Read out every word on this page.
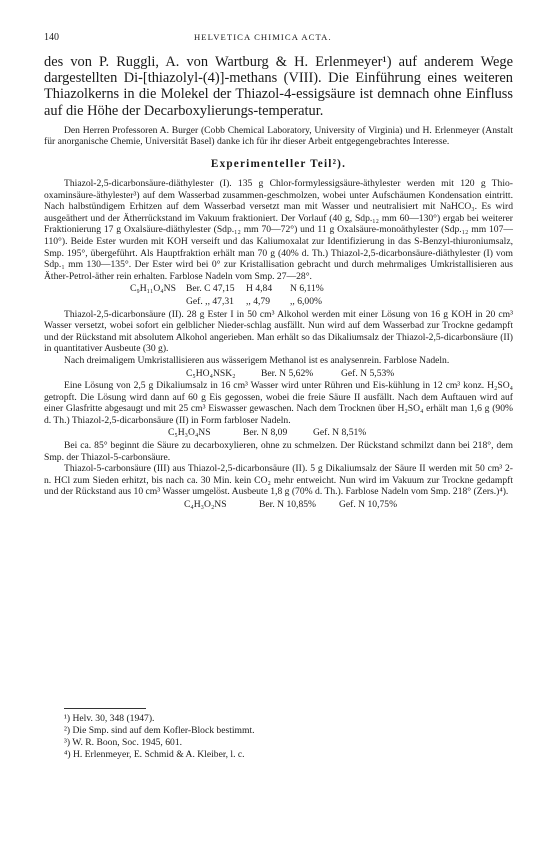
140	HELVETICA CHIMICA ACTA.

des von P. Ruggli, A. von Wartburg & H. Erlenmeyer¹) auf anderem Wege dargestellten Di-[thiazolyl-(4)]-methans (VIII). Die Einführung eines weiteren Thiazolkerns in die Molekel der Thiazol-4-essigsäure ist demnach ohne Einfluss auf die Höhe der Decarboxylierungs-temperatur.

Den Herren Professoren A. Burger (Cobb Chemical Laboratory, University of Virginia) und H. Erlenmeyer (Anstalt für anorganische Chemie, Universität Basel) danke ich für ihr dieser Arbeit entgegengebrachtes Interesse.

Experimenteller Teil²).

Thiazol-2,5-dicarbonsäure-diäthylester (I). 135 g Chlor-formylessigsäure-äthylester werden mit 120 g Thio-oxaminsäure-äthylester³) auf dem Wasserbad zusammen-geschmolzen, wobei unter Aufschäumen Kondensation eintritt. Nach halbstündigem Erhitzen auf dem Wasserbad versetzt man mit Wasser und neutralisiert mit NaHCO₃. Es wird ausgeäthert und der Ätherrückstand im Vakuum fraktioniert. Der Vorlauf (40 g, Sdp.₁₂ mm 60—130°) ergab bei weiterer Fraktionierung 17 g Oxalsäure-diäthylester (Sdp.₁₂ mm 70—72°) und 11 g Oxalsäure-monoäthylester (Sdp.₁₂ mm 107—110°). Beide Ester wurden mit KOH verseift und das Kaliumoxalat zur Identifizierung in das S-Benzyl-thiuroniumsalz, Smp. 195°, übergeführt. Als Hauptfraktion erhält man 70 g (40% d. Th.) Thiazol-2,5-dicarbonsäure-diäthylester (I) vom Sdp.₁ mm 130—135°. Der Ester wird bei 0° zur Kristallisation gebracht und durch mehrmaliges Umkristallisieren aus Äther-Petrol-äther rein erhalten. Farblose Nadeln vom Smp. 27—28°.

C₉H₁₁O₄NS	Ber. C 47,15	H 4,84	N 6,11%
Gef. ,, 47,31	,, 4,79	,, 6,00%

Thiazol-2,5-dicarbonsäure (II). 28 g Ester I in 50 cm³ Alkohol werden mit einer Lösung von 16 g KOH in 20 cm³ Wasser versetzt, wobei sofort ein gelblicher Nieder-schlag ausfällt. Nun wird auf dem Wasserbad zur Trockne gedampft und der Rückstand mit absolutem Alkohol angerieben. Man erhält so das Dikaliumsalz der Thiazol-2,5-dicarbonsäure (II) in quantitativer Ausbeute (30 g).

Nach dreimaligem Umkristallisieren aus wässerigem Methanol ist es analysenrein. Farblose Nadeln.

C₅HO₄NSK₂	Ber. N 5,62%	Gef. N 5,53%

Eine Lösung von 2,5 g Dikaliumsalz in 16 cm³ Wasser wird unter Rühren und Eis-kühlung in 12 cm³ konz. H₂SO₄ getropft. Die Lösung wird dann auf 60 g Eis gegossen, wobei die freie Säure II ausfällt. Nach dem Auftauen wird auf einer Glasfritte abgesaugt und mit 25 cm³ Eiswasser gewaschen. Nach dem Trocknen über H₂SO₄ erhält man 1,6 g (90% d. Th.) Thiazol-2,5-dicarbonsäure (II) in Form farbloser Nadeln.

C₅H₃O₄NS	Ber. N 8,09	Gef. N 8,51%

Bei ca. 85° beginnt die Säure zu decarboxylieren, ohne zu schmelzen. Der Rückstand schmilzt dann bei 218°, dem Smp. der Thiazol-5-carbonsäure.

Thiazol-5-carbonsäure (III) aus Thiazol-2,5-dicarbonsäure (II). 5 g Dikaliumsalz der Säure II werden mit 50 cm³ 2-n. HCl zum Sieden erhitzt, bis nach ca. 30 Min. kein CO₂ mehr entweicht. Nun wird im Vakuum zur Trockne gedampft und der Rückstand aus 10 cm³ Wasser umgelöst. Ausbeute 1,8 g (70% d. Th.). Farblose Nadeln vom Smp. 218° (Zers.)⁴).

C₄H₃O₂NS	Ber. N 10,85%	Gef. N 10,75%

¹) Helv. 30, 348 (1947).

²) Die Smp. sind auf dem Kofler-Block bestimmt.

³) W. R. Boon, Soc. 1945, 601.

⁴) H. Erlenmeyer, E. Schmid & A. Kleiber, l. c.
